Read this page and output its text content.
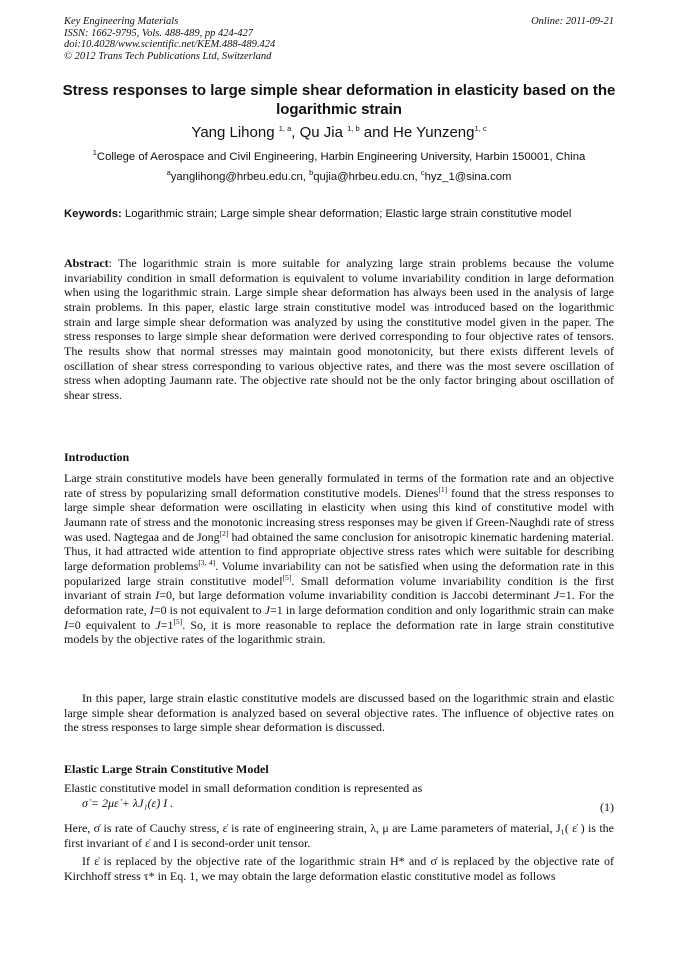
Key Engineering Materials
ISSN: 1662-9795, Vols. 488-489, pp 424-427
doi:10.4028/www.scientific.net/KEM.488-489.424
© 2012 Trans Tech Publications Ltd, Switzerland
Online: 2011-09-21
Stress responses to large simple shear deformation in elasticity based on the logarithmic strain
Yang Lihong $^{1, a}$, Qu Jia $^{1, b}$ and He Yunzeng$^{1, c}$
$^1$College of Aerospace and Civil Engineering, Harbin Engineering University, Harbin 150001, China
$^a$yanglihong@hrbeu.edu.cn, $^b$qujia@hrbeu.edu.cn, $^c$hyz_1@sina.com
Keywords: Logarithmic strain; Large simple shear deformation; Elastic large strain constitutive model
Abstract: The logarithmic strain is more suitable for analyzing large strain problems because the volume invariability condition in small deformation is equivalent to volume invariability condition in large deformation when using the logarithmic strain. Large simple shear deformation has always been used in the analysis of large strain problems. In this paper, elastic large strain constitutive model was introduced based on the logarithmic strain and large simple shear deformation was analyzed by using the constitutive model given in the paper. The stress responses to large simple shear deformation were derived corresponding to four objective rates of tensors. The results show that normal stresses may maintain good monotonicity, but there exists different levels of oscillation of shear stress corresponding to various objective rates, and there was the most severe oscillation of stress when adopting Jaumann rate. The objective rate should not be the only factor bringing about oscillation of shear stress.
Introduction
Large strain constitutive models have been generally formulated in terms of the formation rate and an objective rate of stress by popularizing small deformation constitutive models. Dienes[1] found that the stress responses to large simple shear deformation were oscillating in elasticity when using this kind of constitutive model with Jaumann rate of stress and the monotonic increasing stress responses may be given if Green-Naughdi rate of stress was used. Nagtegaa and de Jong[2] had obtained the same conclusion for anisotropic kinematic hardening material. Thus, it had attracted wide attention to find appropriate objective stress rates which were suitable for describing large deformation problems[3, 4]. Volume invariability can not be satisfied when using the deformation rate in this popularized large strain constitutive model[5]. Small deformation volume invariability condition is the first invariant of strain I=0, but large deformation volume invariability condition is Jaccobi determinant J=1. For the deformation rate, I=0 is not equivalent to J=1 in large deformation condition and only logarithmic strain can make I=0 equivalent to J=1[5]. So, it is more reasonable to replace the deformation rate in large strain constitutive models by the objective rates of the logarithmic strain.
In this paper, large strain elastic constitutive models are discussed based on the logarithmic strain and elastic large simple shear deformation is analyzed based on several objective rates. The influence of objective rates on the stress responses to large simple shear deformation is discussed.
Elastic Large Strain Constitutive Model
Elastic constitutive model in small deformation condition is represented as
σ̇ = 2με̇ + λJ₁(ε̇) I .	(1)
Here, σ̇ is rate of Cauchy stress, ε̇ is rate of engineering strain, λ, μ are Lame parameters of material, J₁( ε̇ ) is the first invariant of ε̇ and I is second-order unit tensor.
If ε̇ is replaced by the objective rate of the logarithmic strain H* and σ̇ is replaced by the objective rate of Kirchhoff stress τ* in Eq. 1, we may obtain the large deformation elastic constitutive model as follows
